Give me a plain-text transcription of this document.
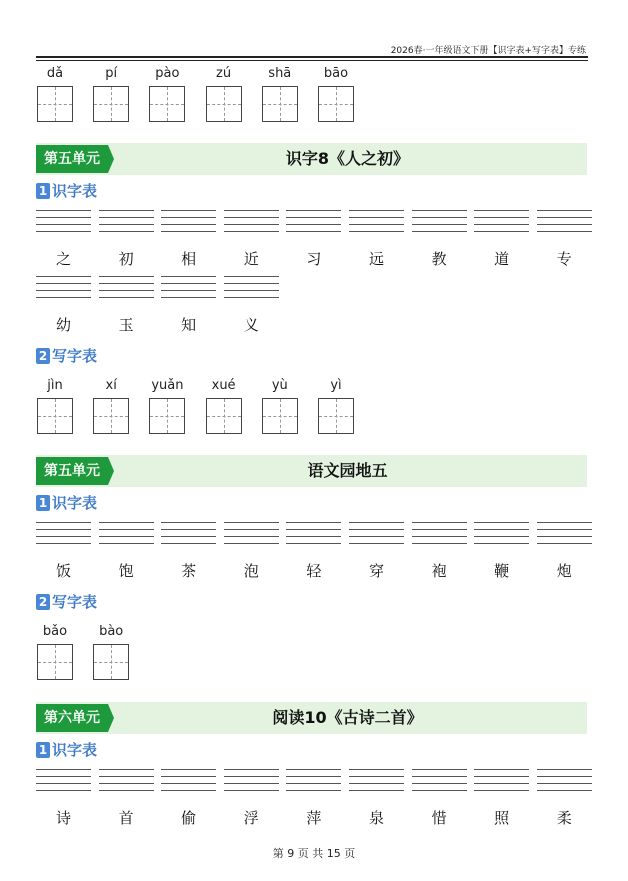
2026春·一年级语文下册【识字表+写字表】专练
dǎ	pí	pào	zú	shā	bāo
第五单元	识字8《人之初》
1 识字表
之	初	相	近	习	远	教	道	专
幼	玉	知	义
2 写字表
jìn	xí	yuǎn	xué	yù	yì
第五单元	语文园地五
1 识字表
饭	饱	茶	泡	轻	穿	袍	鞭	炮
2 写字表
bǎo	bào
第六单元	阅读10《古诗二首》
1 识字表
诗	首	偷	浮	萍	泉	惜	照	柔
第 9 页 共 15 页
